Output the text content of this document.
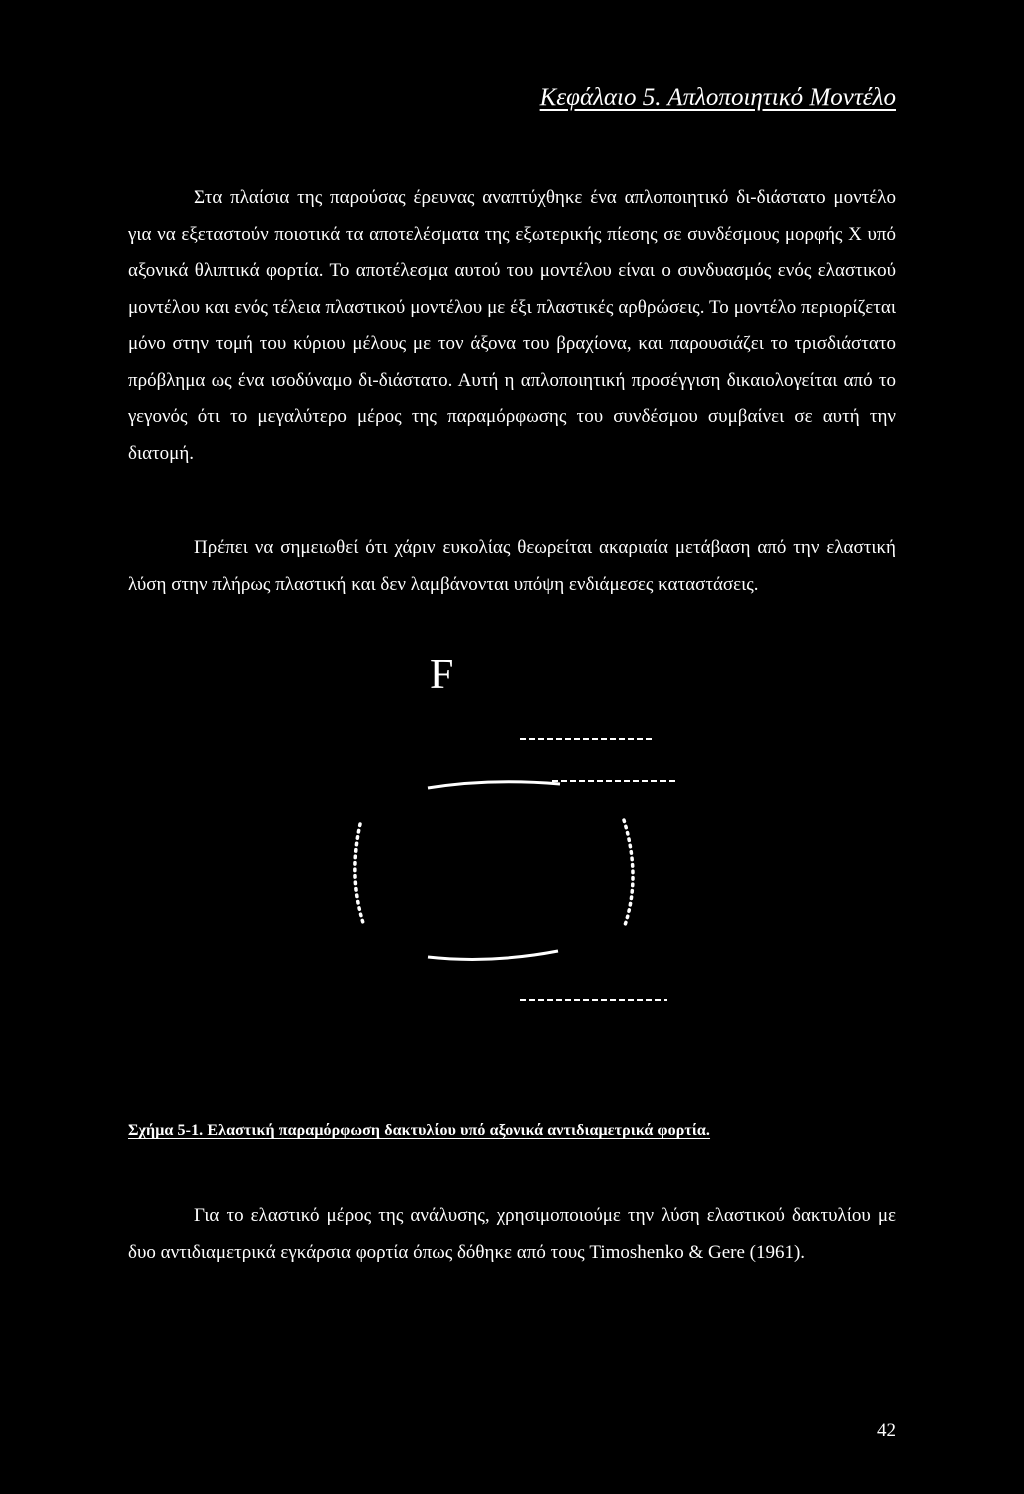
Κεφάλαιο 5. Απλοποιητικό Μοντέλο
Στα πλαίσια της παρούσας έρευνας αναπτύχθηκε ένα απλοποιητικό δι-διάστατο μοντέλο για να εξεταστούν ποιοτικά τα αποτελέσματα της εξωτερικής πίεσης σε συνδέσμους μορφής X υπό αξονικά θλιπτικά φορτία. Το αποτέλεσμα αυτού του μοντέλου είναι ο συνδυασμός ενός ελαστικού μοντέλου και ενός τέλεια πλαστικού μοντέλου με έξι πλαστικές αρθρώσεις. Το μοντέλο περιορίζεται μόνο στην τομή του κύριου μέλους με τον άξονα του βραχίονα, και παρουσιάζει το τρισδιάστατο πρόβλημα ως ένα ισοδύναμο δι-διάστατο. Αυτή η απλοποιητική προσέγγιση δικαιολογείται από το γεγονός ότι το μεγαλύτερο μέρος της παραμόρφωσης του συνδέσμου συμβαίνει σε αυτή την διατομή.
Πρέπει να σημειωθεί ότι χάριν ευκολίας θεωρείται ακαριαία μετάβαση από την ελαστική λύση στην πλήρως πλαστική και δεν λαμβάνονται υπόψη ενδιάμεσες καταστάσεις.
F
Σχήμα 5-1. Ελαστική παραμόρφωση δακτυλίου υπό αξονικά αντιδιαμετρικά φορτία.
Για το ελαστικό μέρος της ανάλυσης, χρησιμοποιούμε την λύση ελαστικού δακτυλίου με δυο αντιδιαμετρικά εγκάρσια φορτία όπως δόθηκε από τους Timoshenko & Gere (1961).
42
